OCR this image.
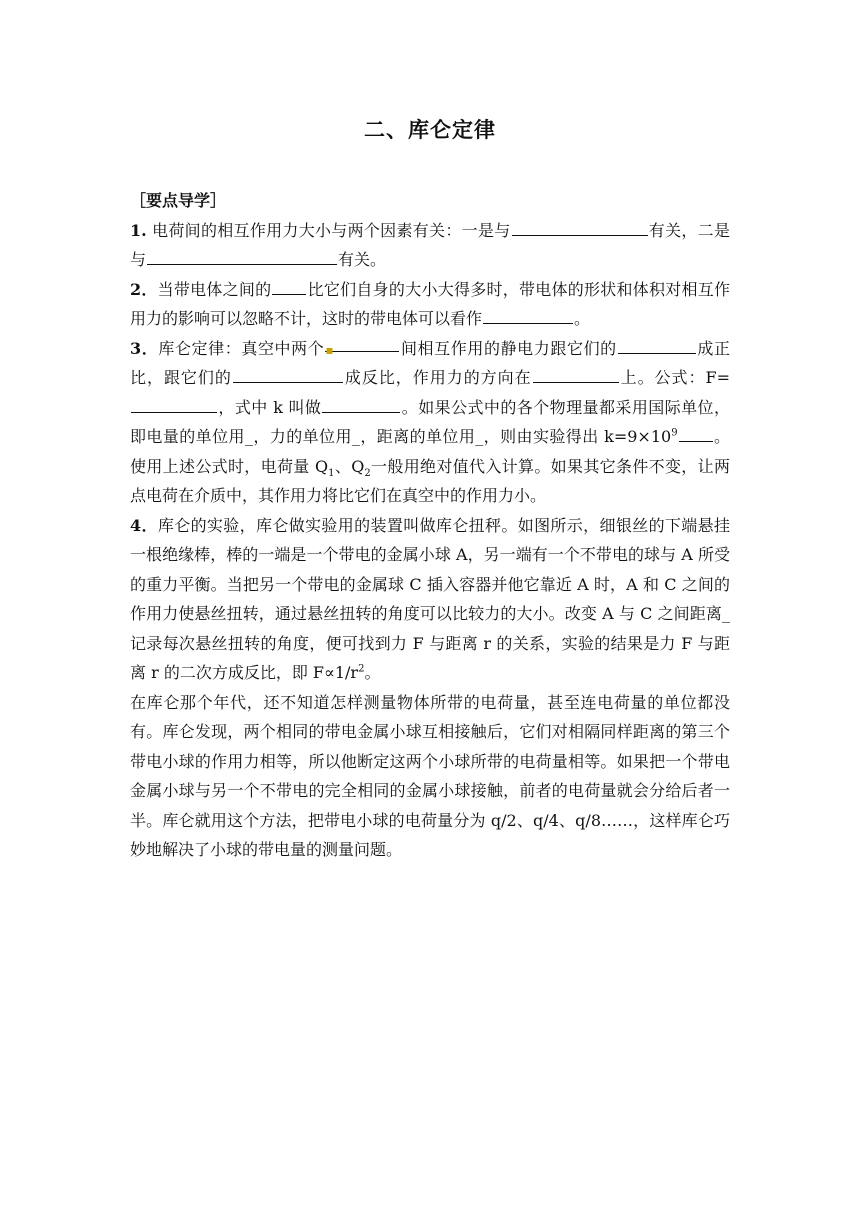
二、库仑定律

［要点导学］

1. 电荷间的相互作用力大小与两个因素有关：一是与	有关，二是与	有关。

2．当带电体之间的 比它们自身的大小大得多时，带电体的形状和体积对相互作用力的影响可以忽略不计，这时的带电体可以看作	。

3．库仑定律：真空中两个▪	间相互作用的静电力跟它们的	成正比，跟它们的	成反比，作用力的方向在	上。公式：F= ，式中 k 叫做	。如果公式中的各个物理量都采用国际单位，即电量的单位用_，力的单位用_，距离的单位用_，则由实验得出 $k=9\times 10^9$ 。使用上述公式时，电荷量 $Q_1$、$Q_2$一般用绝对值代入计算。如果其它条件不变，让两点电荷在介质中，其作用力将比它们在真空中的作用力小。

4．库仑的实验，库仑做实验用的装置叫做库仑扭秤。如图所示，细银丝的下端悬挂一根绝缘棒，棒的一端是一个带电的金属小球 A，另一端有一个不带电的球与 A 所受的重力平衡。当把另一个带电的金属球 C 插入容器并他它靠近 A 时，A 和 C 之间的作用力使悬丝扭转，通过悬丝扭转的角度可以比较力的大小。改变 A 与 C 之间距离_记录每次悬丝扭转的角度，便可找到力 F 与距离 r 的关系，实验的结果是力 F 与距离 r 的二次方成反比，即 $F\propto 1/r^2$。

在库仑那个年代，还不知道怎样测量物体所带的电荷量，甚至连电荷量的单位都没有。库仑发现，两个相同的带电金属小球互相接触后，它们对相隔同样距离的第三个带电小球的作用力相等，所以他断定这两个小球所带的电荷量相等。如果把一个带电金属小球与另一个不带电的完全相同的金属小球接触，前者的电荷量就会分给后者一半。库仑就用这个方法，把带电小球的电荷量分为 q/2、q/4、q/8……，这样库仑巧妙地解决了小球的带电量的测量问题。
